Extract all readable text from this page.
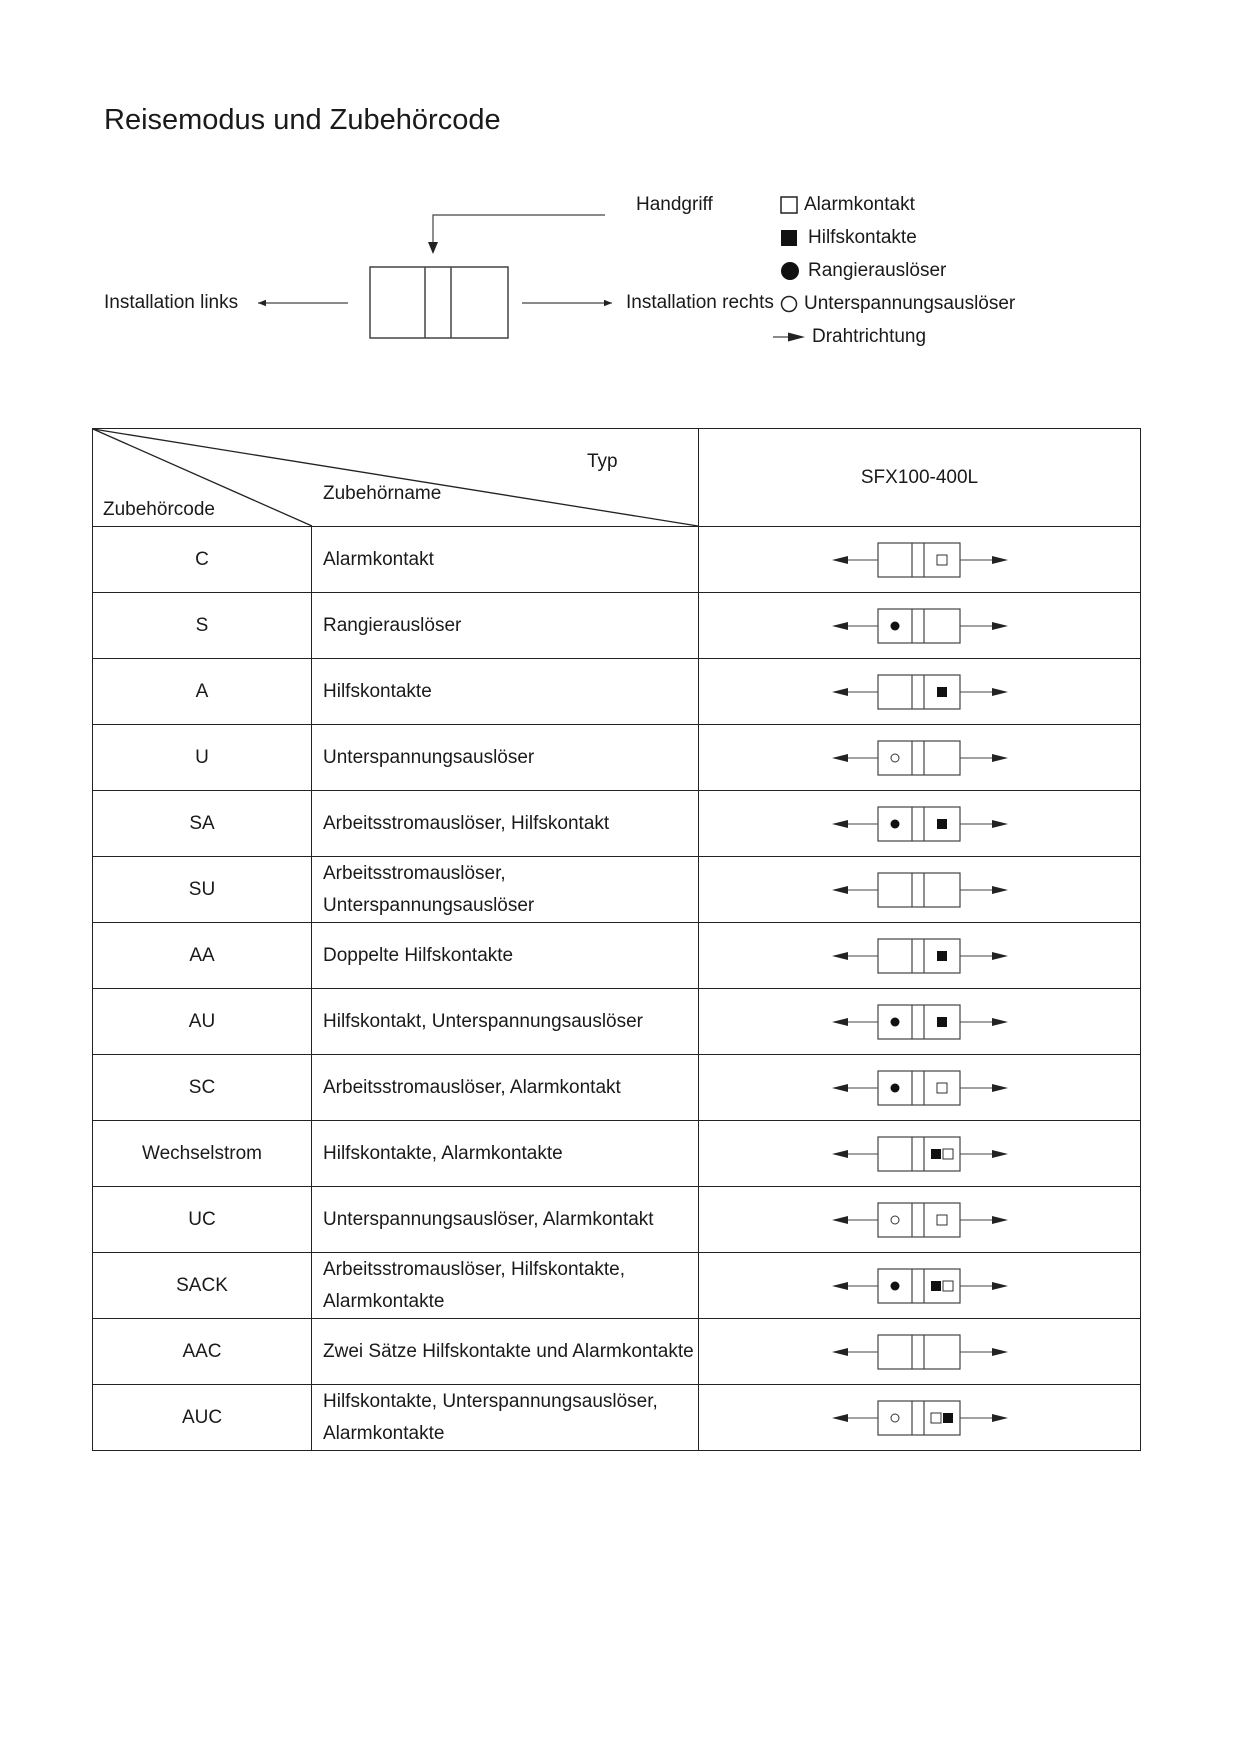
Reisemodus und Zubehörcode
Handgriff
Installation links	Installation rechts
Alarmkontakt
Hilfskontakte
Rangierauslöser
Unterspannungsauslöser
Drahtrichtung
Typ
Zubehörname
Zubehörcode		SFX100-400L
C	Alarmkontakt	

S	Rangierauslöser	

A	Hilfskontakte	

U	Unterspannungsauslöser	

SA	Arbeitsstromauslöser, Hilfskontakt	

SU	Arbeitsstromauslöser, Unterspannungsauslöser	

AA	Doppelte Hilfskontakte	

AU	Hilfskontakt, Unterspannungsauslöser	

SC	Arbeitsstromauslöser, Alarmkontakt	

Wechselstrom	Hilfskontakte, Alarmkontakte	

UC	Unterspannungsauslöser, Alarmkontakt	

SACK	Arbeitsstromauslöser, Hilfskontakte, Alarmkontakte	

AAC	Zwei Sätze Hilfskontakte und Alarmkontakte	

AUC	Hilfskontakte, Unterspannungsauslöser, Alarmkontakte	
